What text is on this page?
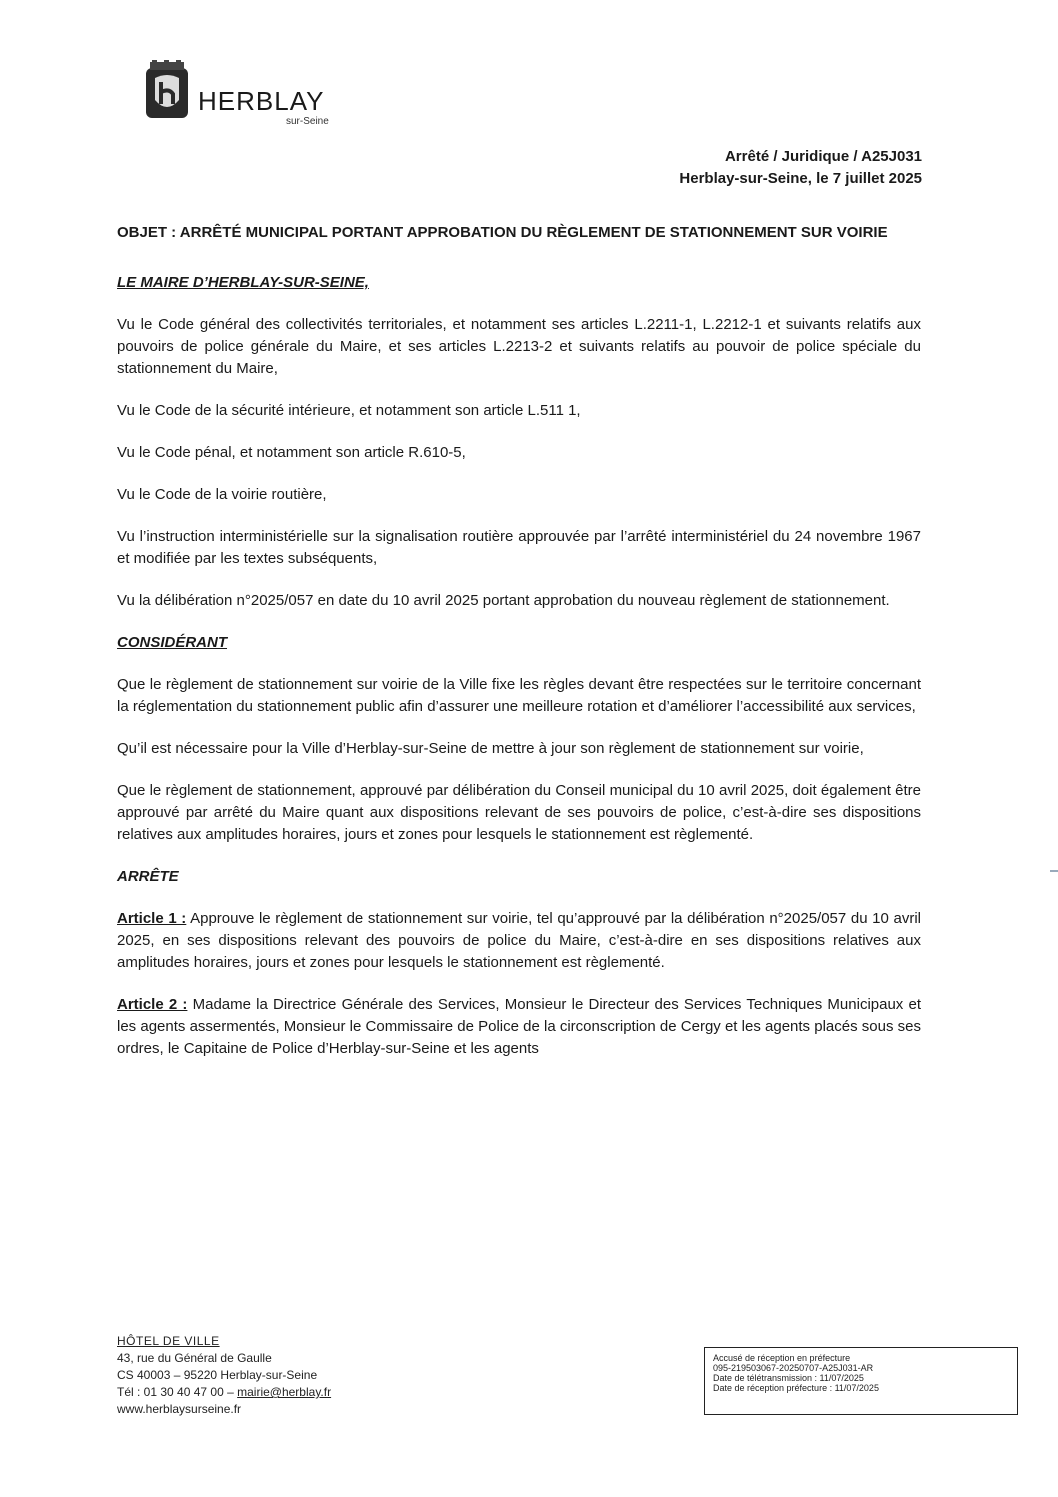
HERBLAY
sur-Seine
Arrêté / Juridique / A25J031
Herblay-sur-Seine, le 7 juillet 2025
OBJET : ARRÊTÉ MUNICIPAL PORTANT APPROBATION DU RÈGLEMENT DE STATIONNEMENT SUR VOIRIE
LE MAIRE D’HERBLAY-SUR-SEINE,
Vu le Code général des collectivités territoriales, et notamment ses articles L.2211-1, L.2212-1 et suivants relatifs aux pouvoirs de police générale du Maire, et ses articles L.2213-2 et suivants relatifs au pouvoir de police spéciale du stationnement du Maire,
Vu le Code de la sécurité intérieure, et notamment son article L.511 1,
Vu le Code pénal, et notamment son article R.610-5,
Vu le Code de la voirie routière,
Vu l’instruction interministérielle sur la signalisation routière approuvée par l’arrêté interministériel du 24 novembre 1967 et modifiée par les textes subséquents,
Vu la délibération n°2025/057 en date du 10 avril 2025 portant approbation du nouveau règlement de stationnement.
CONSIDÉRANT
Que le règlement de stationnement sur voirie de la Ville fixe les règles devant être respectées sur le territoire concernant la réglementation du stationnement public afin d’assurer une meilleure rotation et d’améliorer l’accessibilité aux services,
Qu’il est nécessaire pour la Ville d’Herblay-sur-Seine de mettre à jour son règlement de stationnement sur voirie,
Que le règlement de stationnement, approuvé par délibération du Conseil municipal du 10 avril 2025, doit également être approuvé par arrêté du Maire quant aux dispositions relevant de ses pouvoirs de police, c’est-à-dire ses dispositions relatives aux amplitudes horaires, jours et zones pour lesquels le stationnement est règlementé.
ARRÊTE
Article 1 : Approuve le règlement de stationnement sur voirie, tel qu’approuvé par la délibération n°2025/057 du 10 avril 2025, en ses dispositions relevant des pouvoirs de police du Maire, c’est-à-dire en ses dispositions relatives aux amplitudes horaires, jours et zones pour lesquels le stationnement est règlementé.
Article 2 : Madame la Directrice Générale des Services, Monsieur le Directeur des Services Techniques Municipaux et les agents assermentés, Monsieur le Commissaire de Police de la circonscription de Cergy et les agents placés sous ses ordres, le Capitaine de Police d’Herblay-sur-Seine et les agents
HÔTEL DE VILLE
43, rue du Général de Gaulle
CS 40003 – 95220 Herblay-sur-Seine
Tél : 01 30 40 47 00 – mairie@herblay.fr
www.herblaysurseine.fr
Accusé de réception en préfecture
095-219503067-20250707-A25J031-AR
Date de télétransmission : 11/07/2025
Date de réception préfecture : 11/07/2025
